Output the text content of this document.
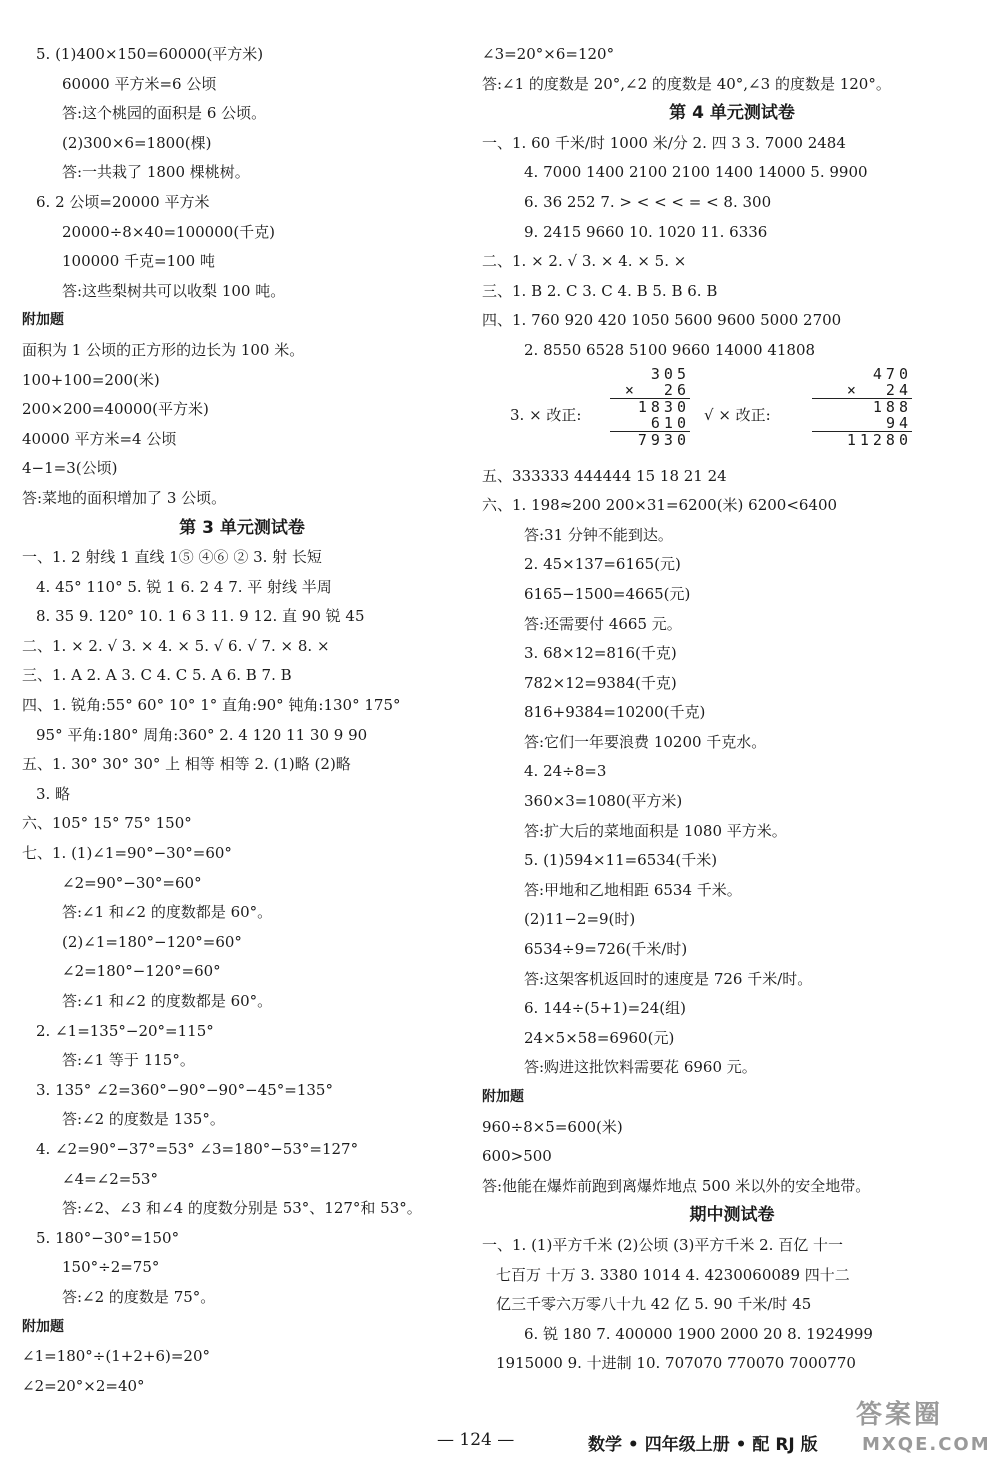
5. (1)400×150=60000(平方米)
60000 平方米=6 公顷
答:这个桃园的面积是 6 公顷。
(2)300×6=1800(棵)
答:一共栽了 1800 棵桃树。
6. 2 公顷=20000 平方米
20000÷8×40=100000(千克)
100000 千克=100 吨
答:这些梨树共可以收梨 100 吨。
附加题
面积为 1 公顷的正方形的边长为 100 米。
100+100=200(米)
200×200=40000(平方米)
40000 平方米=4 公顷
4−1=3(公顷)
答:菜地的面积增加了 3 公顷。
第 3 单元测试卷
一、1. 2 射线 1 直线 1⑤ ④⑥ ② 3. 射 长短
4. 45° 110° 5. 锐 1 6. 2 4 7. 平 射线 半周
8. 35 9. 120° 10. 1 6 3 11. 9 12. 直 90 锐 45
二、1. × 2. √ 3. × 4. × 5. √ 6. √ 7. × 8. ×
三、1. A 2. A 3. C 4. C 5. A 6. B 7. B
四、1. 锐角:55° 60° 10° 1° 直角:90° 钝角:130° 175°
95° 平角:180° 周角:360° 2. 4 120 11 30 9 90
五、1. 30° 30° 30° 上 相等 相等 2. (1)略 (2)略
3. 略
六、105° 15° 75° 150°
七、1. (1)∠1=90°−30°=60°
∠2=90°−30°=60°
答:∠1 和∠2 的度数都是 60°。
(2)∠1=180°−120°=60°
∠2=180°−120°=60°
答:∠1 和∠2 的度数都是 60°。
2. ∠1=135°−20°=115°
答:∠1 等于 115°。
3. 135° ∠2=360°−90°−90°−45°=135°
答:∠2 的度数是 135°。
4. ∠2=90°−37°=53° ∠3=180°−53°=127°
∠4=∠2=53°
答:∠2、∠3 和∠4 的度数分别是 53°、127°和 53°。
5. 180°−30°=150°
150°÷2=75°
答:∠2 的度数是 75°。
附加题
∠1=180°÷(1+2+6)=20°
∠2=20°×2=40°
∠3=20°×6=120°
答:∠1 的度数是 20°,∠2 的度数是 40°,∠3 的度数是 120°。
第 4 单元测试卷
一、1. 60 千米/时 1000 米/分 2. 四 3 3. 7000 2484
4. 7000 1400 2100 2100 1400 14000 5. 9900
6. 36 252 7. > < < < = < 8. 300
9. 2415 9660 10. 1020 11. 6336
二、1. × 2. √ 3. × 4. × 5. ×
三、1. B 2. C 3. C 4. B 5. B 6. B
四、1. 760 920 420 1050 5600 9600 5000 2700
2. 8550 6528 5100 9660 14000 41808
3. × 改正:	√ × 改正:
305
×  26
1830
610
7930
470
×  24
188
94
11280
五、333333 444444 15 18 21 24
六、1. 198≈200 200×31=6200(米) 6200<6400
答:31 分钟不能到达。
2. 45×137=6165(元)
6165−1500=4665(元)
答:还需要付 4665 元。
3. 68×12=816(千克)
782×12=9384(千克)
816+9384=10200(千克)
答:它们一年要浪费 10200 千克水。
4. 24÷8=3
360×3=1080(平方米)
答:扩大后的菜地面积是 1080 平方米。
5. (1)594×11=6534(千米)
答:甲地和乙地相距 6534 千米。
(2)11−2=9(时)
6534÷9=726(千米/时)
答:这架客机返回时的速度是 726 千米/时。
6. 144÷(5+1)=24(组)
24×5×58=6960(元)
答:购进这批饮料需要花 6960 元。
附加题
960÷8×5=600(米)
600>500
答:他能在爆炸前跑到离爆炸地点 500 米以外的安全地带。
期中测试卷
一、1. (1)平方千米 (2)公顷 (3)平方千米 2. 百亿 十一
七百万 十万 3. 3380 1014 4. 4230060089 四十二
亿三千零六万零八十九 42 亿 5. 90 千米/时 45
6. 锐 180 7. 400000 1900 2000 20 8. 1924999
1915000 9. 十进制 10. 707070 770070 7000770
— 124 —	数学 • 四年级上册 • 配 RJ 版
答案圈
MXQE.COM
